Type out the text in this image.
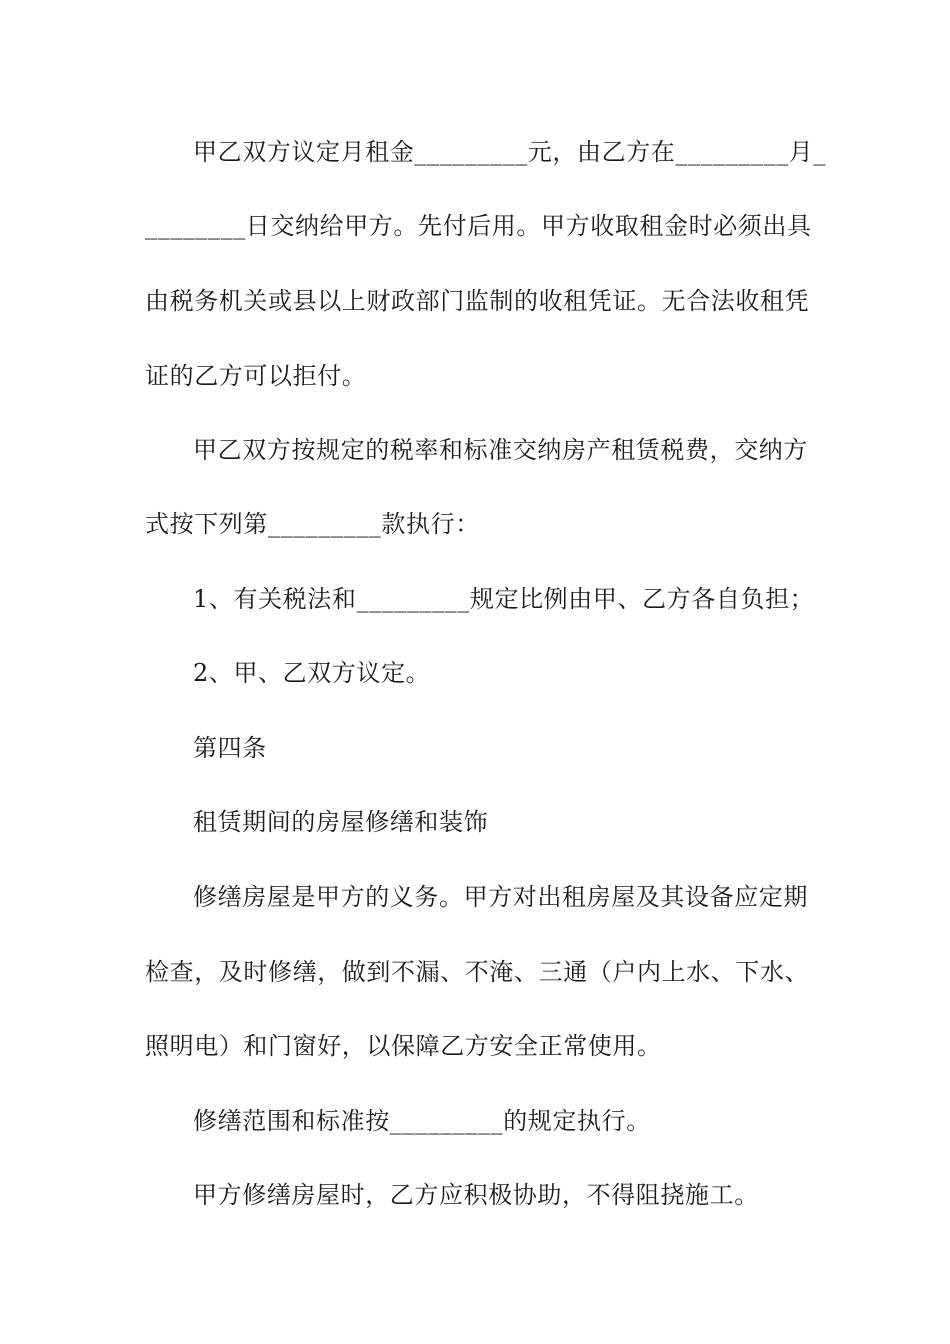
甲乙双方议定月租金_________元，由乙方在_________月_
________日交纳给甲方。先付后用。甲方收取租金时必须出具
由税务机关或县以上财政部门监制的收租凭证。无合法收租凭
证的乙方可以拒付。
甲乙双方按规定的税率和标准交纳房产租赁税费，交纳方
式按下列第_________款执行：
1、有关税法和_________规定比例由甲、乙方各自负担；
2、甲、乙双方议定。
第四条
租赁期间的房屋修缮和装饰
修缮房屋是甲方的义务。甲方对出租房屋及其设备应定期
检查，及时修缮，做到不漏、不淹、三通（户内上水、下水、
照明电）和门窗好，以保障乙方安全正常使用。
修缮范围和标准按_________的规定执行。
甲方修缮房屋时，乙方应积极协助，不得阻挠施工。
